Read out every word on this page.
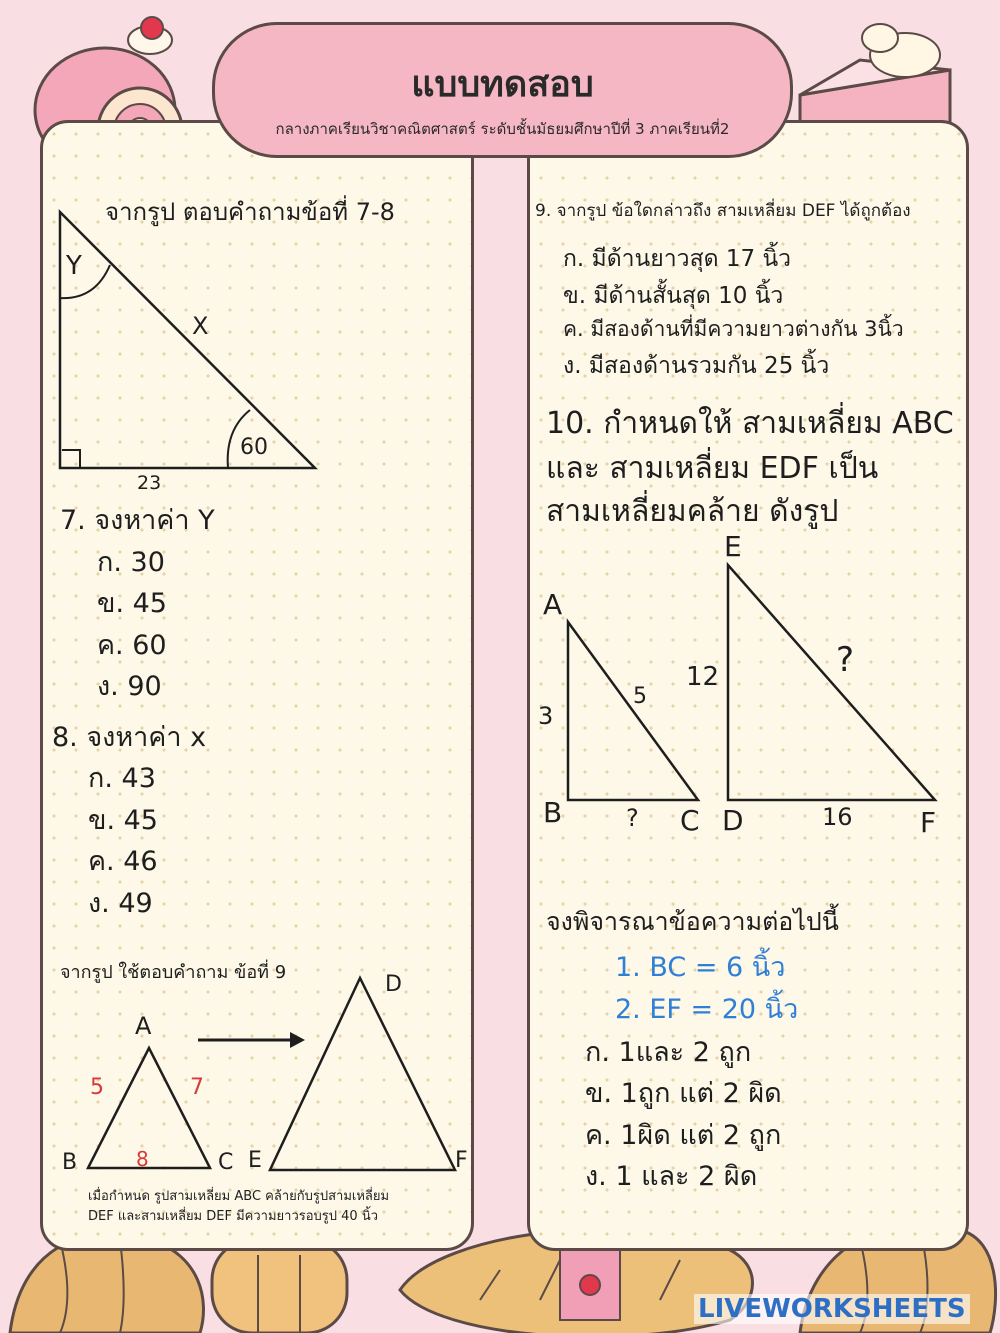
แบบทดสอบ
กลางภาคเรียนวิชาคณิตศาสตร์ ระดับชั้นมัธยมศึกษาปีที่ 3 ภาคเรียนที่2
จากรูป ตอบคำถามข้อที่ 7-8
Y
X
60
23
7. จงหาค่า Y
ก. 30
ข. 45
ค. 60
ง. 90
8. จงหาค่า x
ก. 43
ข. 45
ค. 46
ง. 49
จากรูป ใช้ตอบคำถาม ข้อที่ 9
A
B	C
D
E	F
5	7
8
เมื่อกำหนด รูปสามเหลี่ยม ABC คล้ายกับรูปสามเหลี่ยม
DEF และสามเหลี่ยม DEF มีความยาวรอบรูป 40 นิ้ว
9. จากรูป ข้อใดกล่าวถึง สามเหลี่ยม DEF ได้ถูกต้อง
ก. มีด้านยาวสุด 17 นิ้ว
ข. มีด้านสั้นสุด 10 นิ้ว
ค. มีสองด้านที่มีความยาวต่างกัน 3นิ้ว
ง. มีสองด้านรวมกัน 25 นิ้ว
10. กำหนดให้ สามเหลี่ยม ABC
และ สามเหลี่ยม EDF เป็น
สามเหลี่ยมคล้าย ดังรูป
A
B	C D
E
F
3
5
?
12	?
16
จงพิจารณาข้อความต่อไปนี้
1. BC = 6 นิ้ว
2. EF = 20 นิ้ว
ก. 1และ 2 ถูก
ข. 1ถูก แต่ 2 ผิด
ค. 1ผิด แต่ 2 ถูก
ง. 1 และ 2 ผิด
LIVEWORKSHEETS
